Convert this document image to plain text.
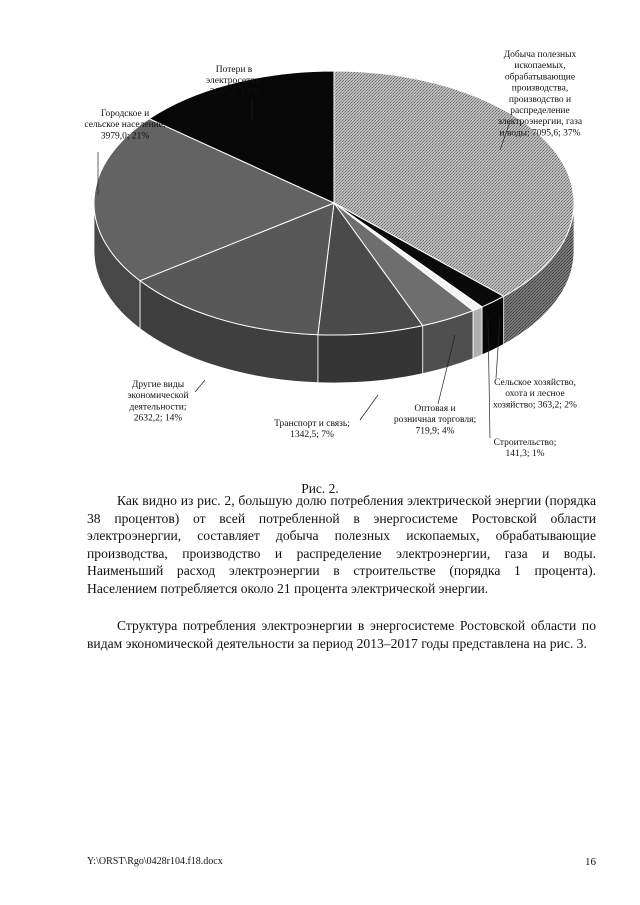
Добыча полезных ископаемых, обрабатывающие производства, производство и распределение электроэнергии, газа и воды; 7095,6; 37%
Сельское хозяйство, охота и лесное хозяйство; 363,2; 2%
Строительство; 141,3; 1%
Оптовая и розничная торговля; 719,9; 4%
Транспорт и связь; 1342,5; 7%
Другие виды экономической деятельности; 2632,2; 14%
Городское и сельское население; 3979,0; 21%
Потери в электросетях; 2645,9; 14%
Рис. 2.

Как видно из рис. 2, большую долю потребления электрической энергии (порядка 38 процентов) от всей потребленной в энергосистеме Ростовской области электроэнергии, составляет добыча полезных ископаемых, обрабатывающие производства, производство и распределение электроэнергии, газа и воды. Наименьший расход электроэнергии в строительстве (порядка 1 процента). Населением потребляется около 21 процента электрической энергии.

Структура потребления электроэнергии в энергосистеме Ростовской области по видам экономической деятельности за период 2013–2017 годы представлена на рис. 3.

Y:\ORST\Rgo\0428r104.f18.docx	16
